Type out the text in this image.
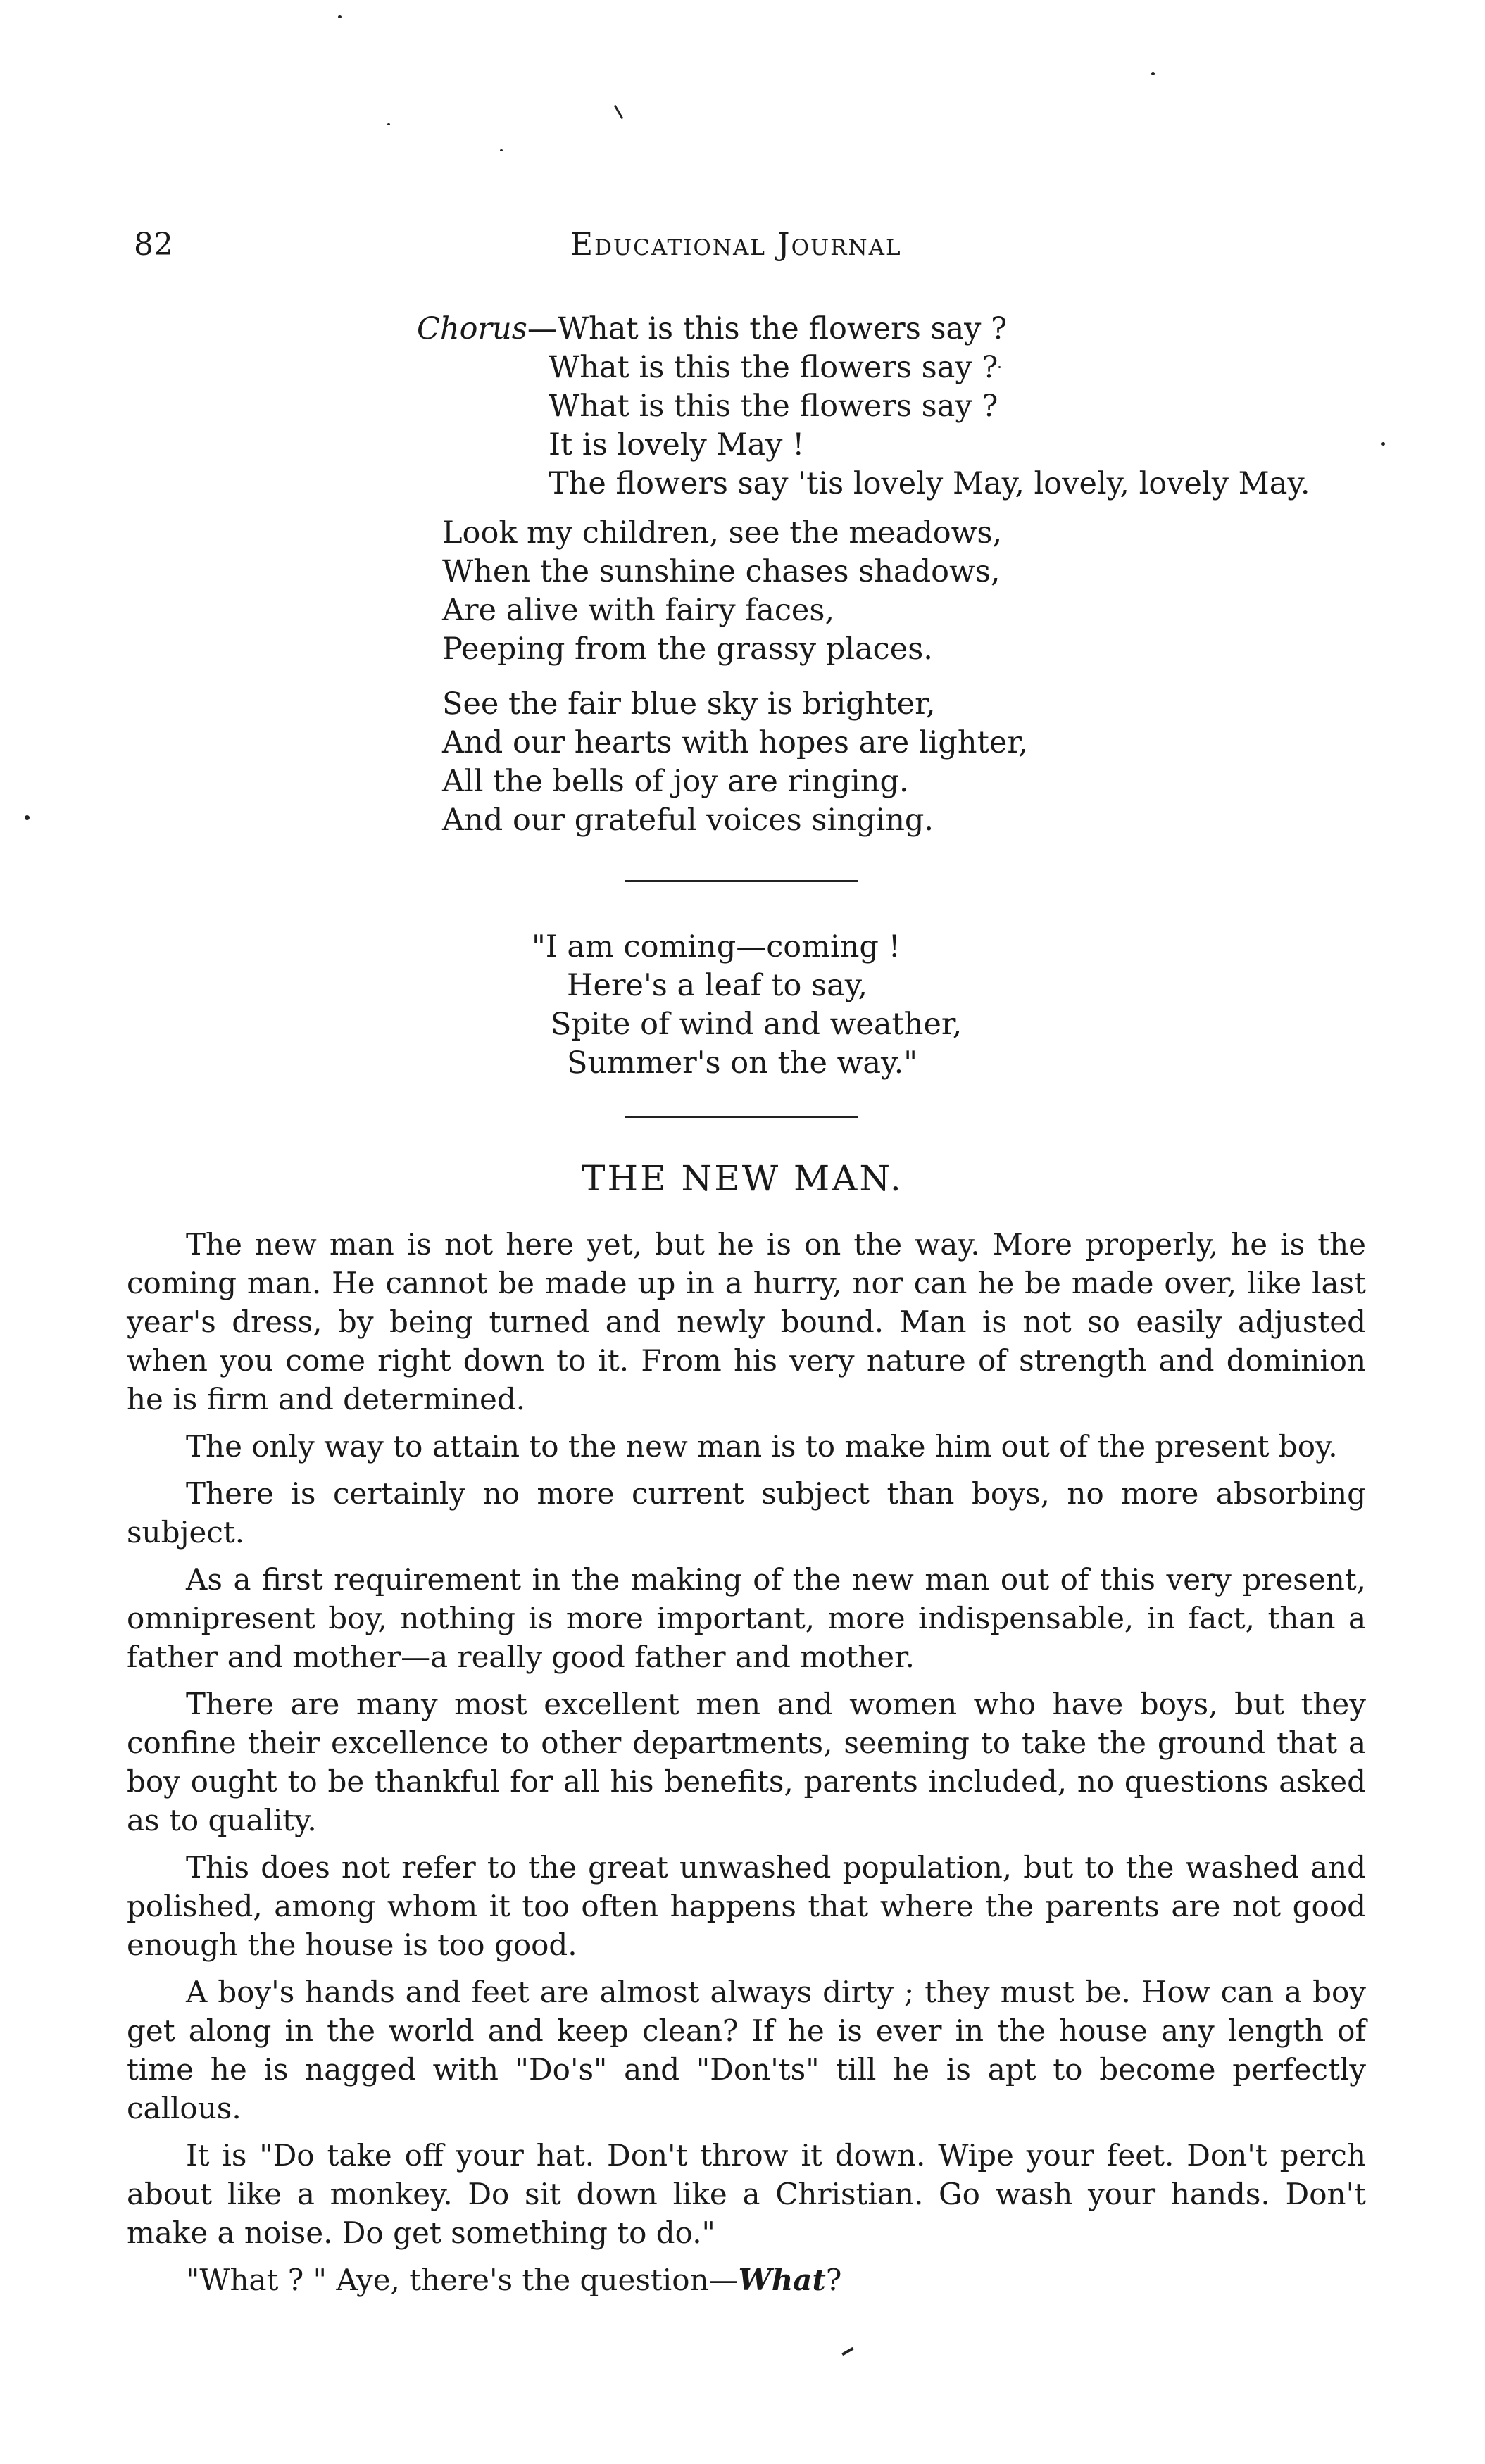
82	Educational Journal
Chorus—What is this the flowers say ?
What is this the flowers say ?
What is this the flowers say ?
It is lovely May !
The flowers say 'tis lovely May, lovely, lovely May.
Look my children, see the meadows,
When the sunshine chases shadows,
Are alive with fairy faces,
Peeping from the grassy places.
See the fair blue sky is brighter,
And our hearts with hopes are lighter,
All the bells of joy are ringing.
And our grateful voices singing.
"I am coming—coming !
Here's a leaf to say,
Spite of wind and weather,
Summer's on the way."
THE NEW MAN.

The new man is not here yet, but he is on the way. More properly, he is the coming man. He cannot be made up in a hurry, nor can he be made over, like last year's dress, by being turned and newly bound. Man is not so easily adjusted when you come right down to it. From his very nature of strength and dominion he is firm and determined.

The only way to attain to the new man is to make him out of the present boy.

There is certainly no more current subject than boys, no more absorbing subject.

As a first requirement in the making of the new man out of this very present, omnipresent boy, nothing is more important, more indispensable, in fact, than a father and mother—a really good father and mother.

There are many most excellent men and women who have boys, but they confine their excellence to other departments, seeming to take the ground that a boy ought to be thankful for all his benefits, parents included, no questions asked as to quality.

This does not refer to the great unwashed population, but to the washed and polished, among whom it too often happens that where the parents are not good enough the house is too good.

A boy's hands and feet are almost always dirty ; they must be. How can a boy get along in the world and keep clean? If he is ever in the house any length of time he is nagged with "Do's" and "Don'ts" till he is apt to become perfectly callous.

It is "Do take off your hat. Don't throw it down. Wipe your feet. Don't perch about like a monkey. Do sit down like a Christian. Go wash your hands. Don't make a noise. Do get something to do."

"What ? " Aye, there's the question—What?
